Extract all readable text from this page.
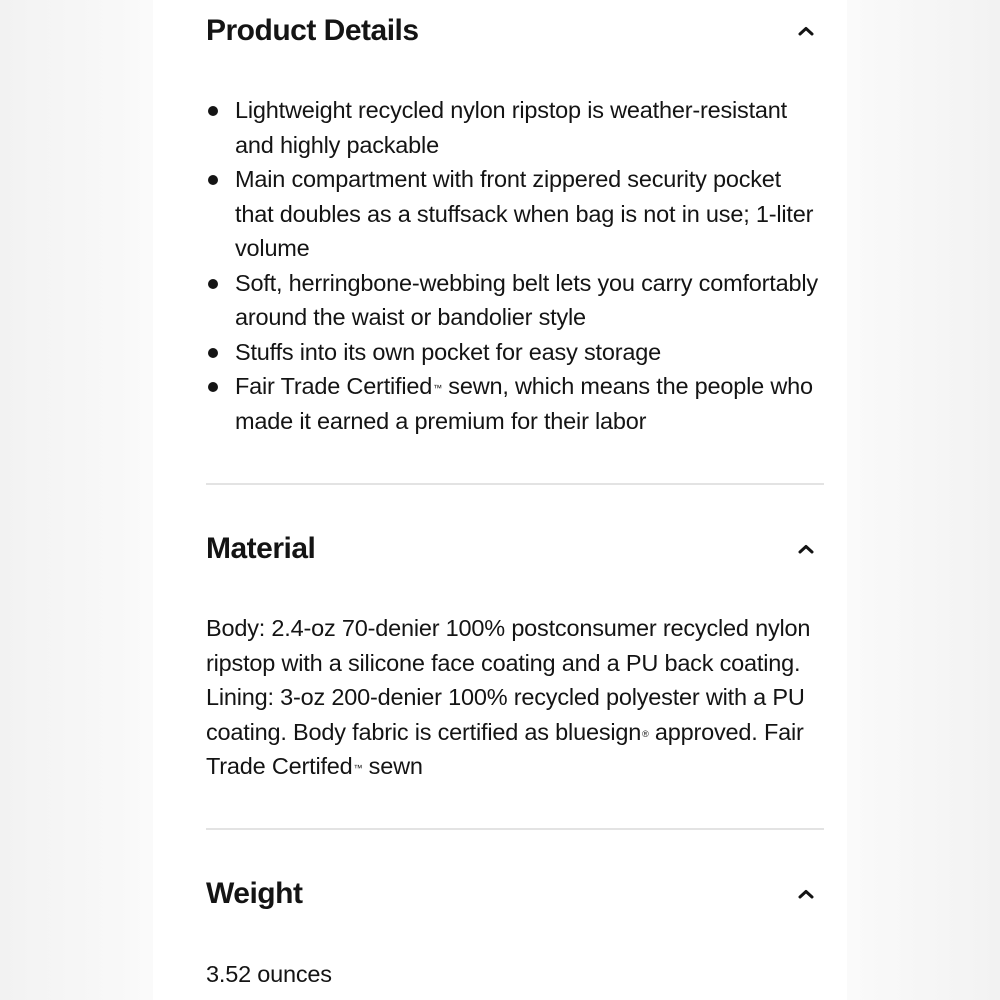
Product Details
Lightweight recycled nylon ripstop is weather-resistant and highly packable
Main compartment with front zippered security pocket that doubles as a stuffsack when bag is not in use; 1-liter volume
Soft, herringbone-webbing belt lets you carry comfortably around the waist or bandolier style
Stuffs into its own pocket for easy storage
Fair Trade Certified™ sewn, which means the people who made it earned a premium for their labor
Material

Body: 2.4-oz 70-denier 100% postconsumer recycled nylon ripstop with a silicone face coating and a PU back coating. Lining: 3-oz 200-denier 100% recycled polyester with a PU coating. Body fabric is certified as bluesign® approved. Fair Trade Certifed™ sewn

Weight

3.52 ounces
